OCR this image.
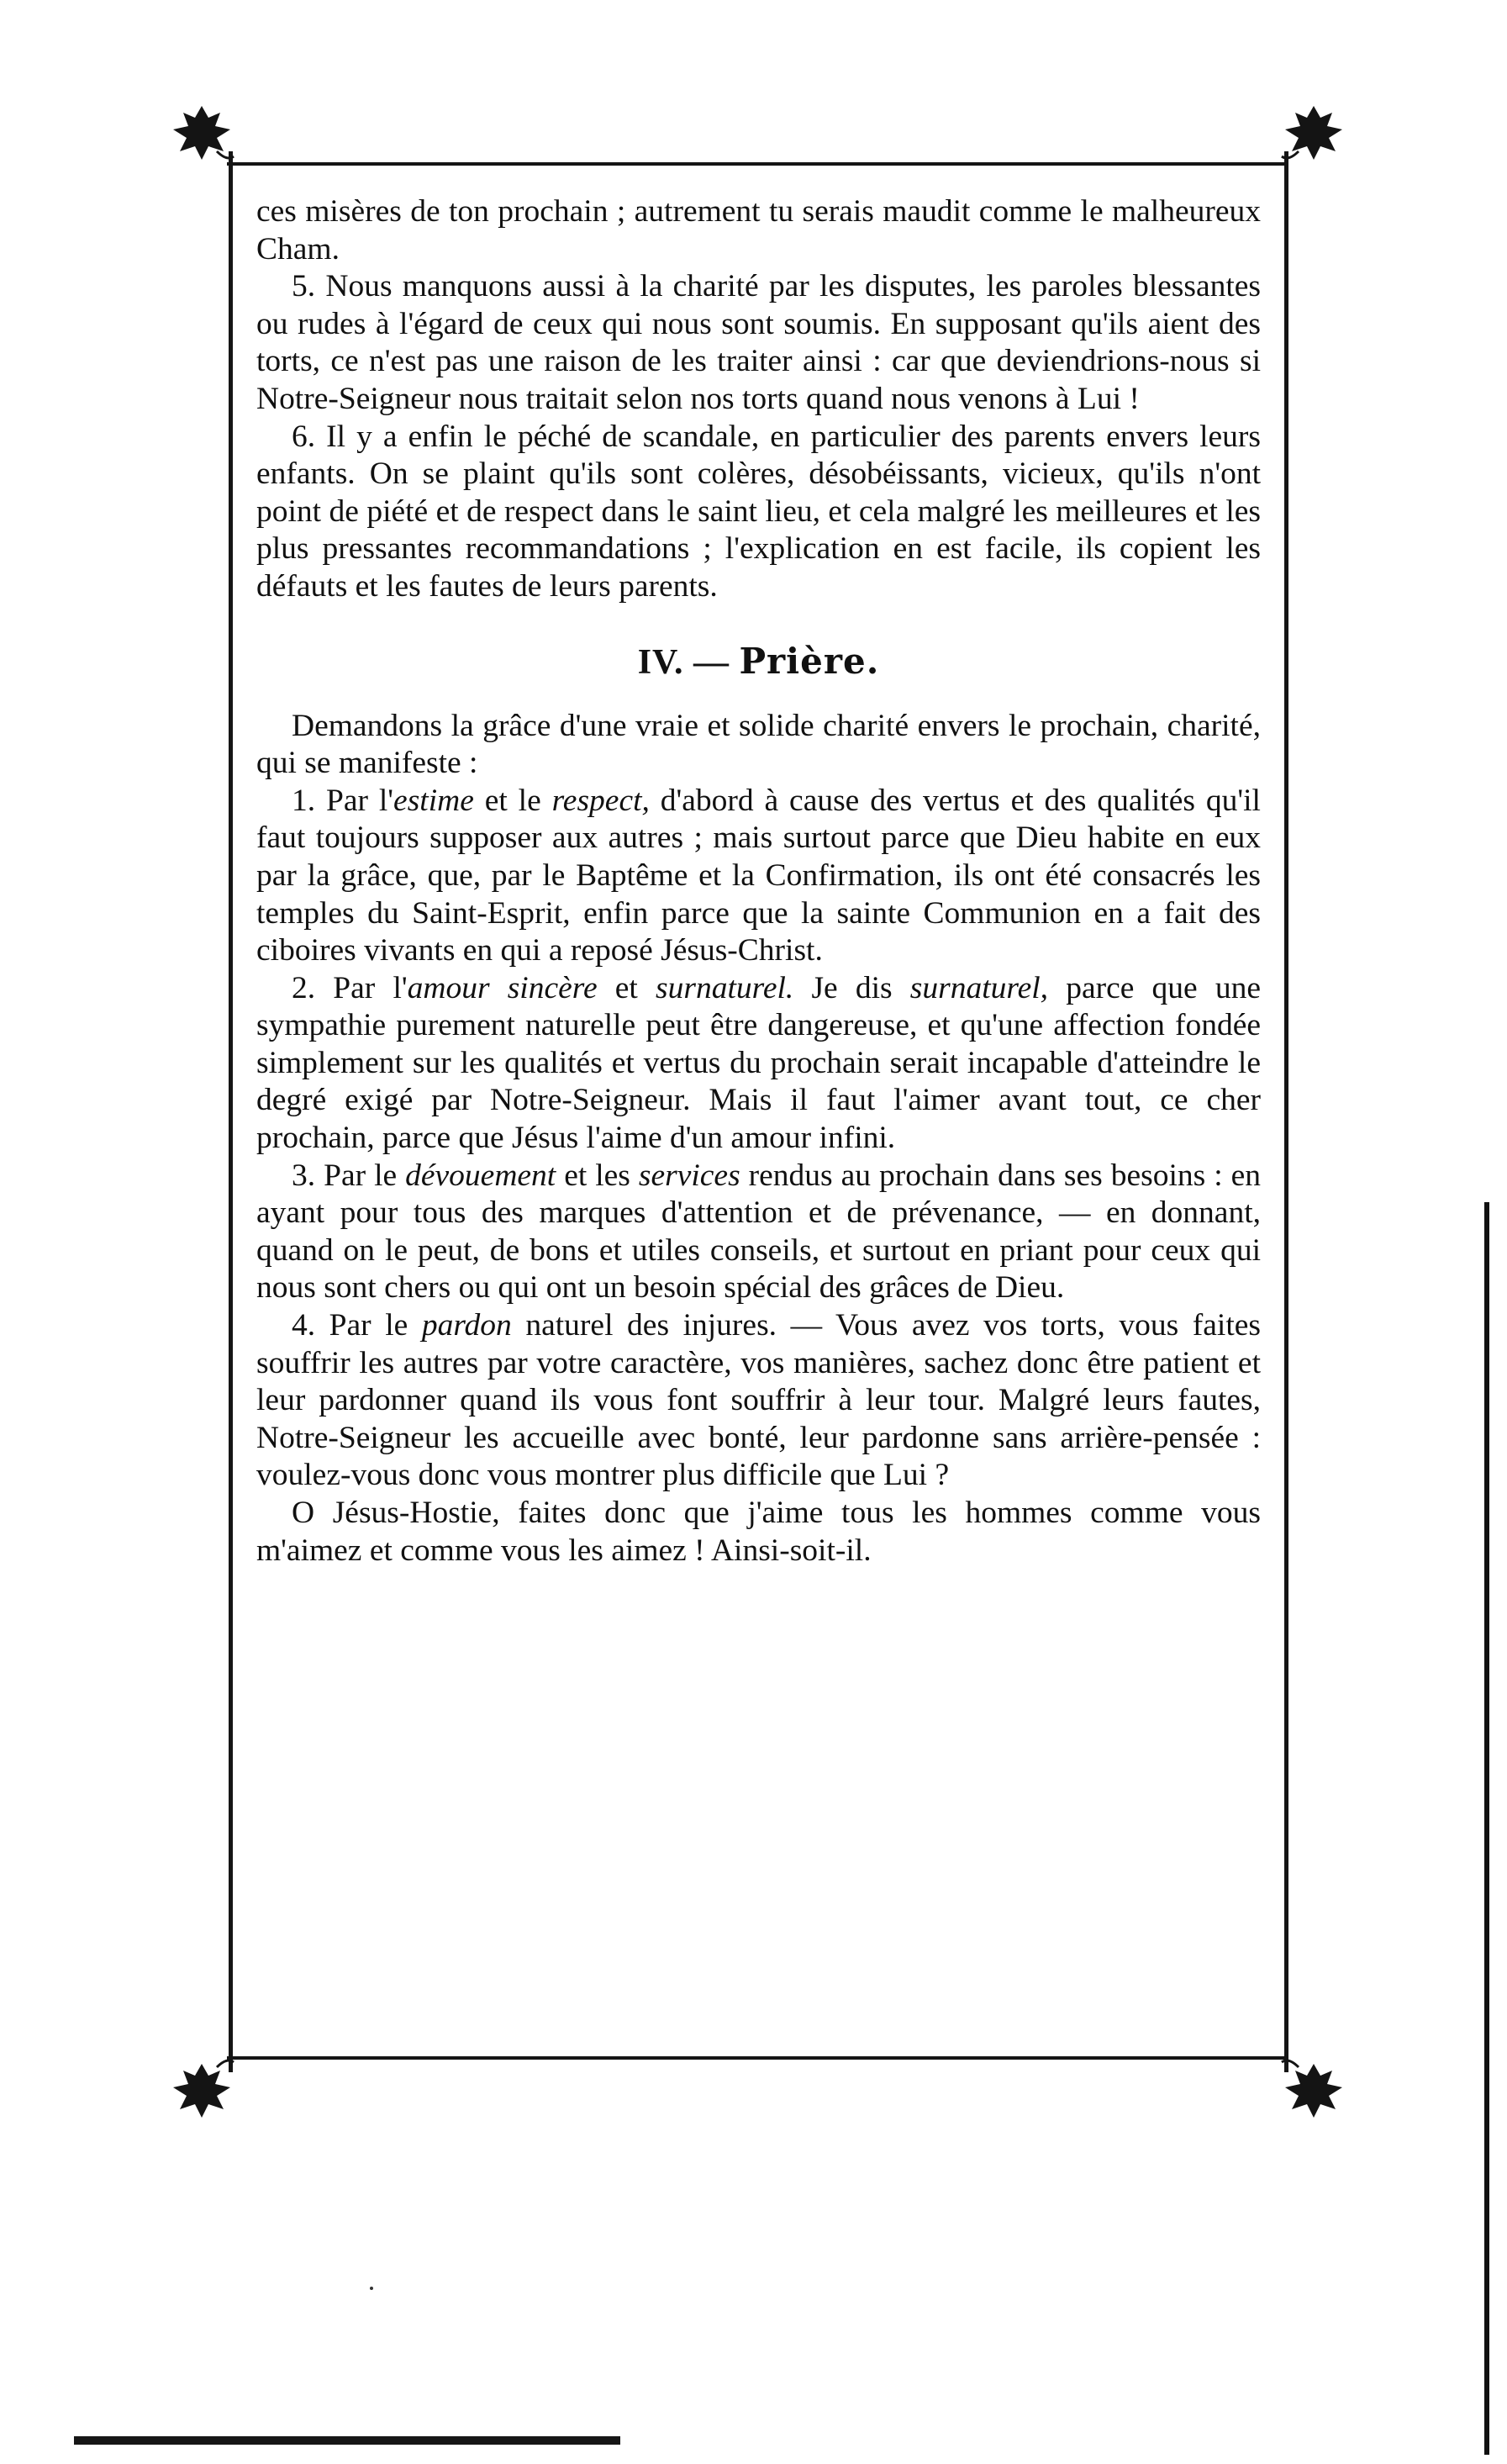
ces misères de ton prochain ; autrement tu serais maudit comme le malheureux Cham.

5. Nous manquons aussi à la charité par les disputes, les paroles blessantes ou rudes à l'égard de ceux qui nous sont soumis. En supposant qu'ils aient des torts, ce n'est pas une raison de les traiter ainsi : car que deviendrions-nous si Notre-Seigneur nous traitait selon nos torts quand nous venons à Lui !

6. Il y a enfin le péché de scandale, en particulier des parents envers leurs enfants. On se plaint qu'ils sont colères, désobéissants, vicieux, qu'ils n'ont point de piété et de respect dans le saint lieu, et cela malgré les meilleures et les plus pressantes recommandations ; l'explication en est facile, ils copient les défauts et les fautes de leurs parents.

IV. — Prière.

Demandons la grâce d'une vraie et solide charité envers le prochain, charité, qui se manifeste :

1. Par l'estime et le respect, d'abord à cause des vertus et des qualités qu'il faut toujours supposer aux autres ; mais surtout parce que Dieu habite en eux par la grâce, que, par le Baptême et la Confirmation, ils ont été consacrés les temples du Saint-Esprit, enfin parce que la sainte Communion en a fait des ciboires vivants en qui a reposé Jésus-Christ.

2. Par l'amour sincère et surnaturel. Je dis surnaturel, parce que une sympathie purement naturelle peut être dangereuse, et qu'une affection fondée simplement sur les qualités et vertus du prochain serait incapable d'atteindre le degré exigé par Notre-Seigneur. Mais il faut l'aimer avant tout, ce cher prochain, parce que Jésus l'aime d'un amour infini.

3. Par le dévouement et les services rendus au prochain dans ses besoins : en ayant pour tous des marques d'attention et de prévenance, — en donnant, quand on le peut, de bons et utiles conseils, et surtout en priant pour ceux qui nous sont chers ou qui ont un besoin spécial des grâces de Dieu.

4. Par le pardon naturel des injures. — Vous avez vos torts, vous faites souffrir les autres par votre caractère, vos manières, sachez donc être patient et leur pardonner quand ils vous font souffrir à leur tour. Malgré leurs fautes, Notre-Seigneur les accueille avec bonté, leur pardonne sans arrière-pensée : voulez-vous donc vous montrer plus difficile que Lui ?

O Jésus-Hostie, faites donc que j'aime tous les hommes comme vous m'aimez et comme vous les aimez ! Ainsi-soit-il.
